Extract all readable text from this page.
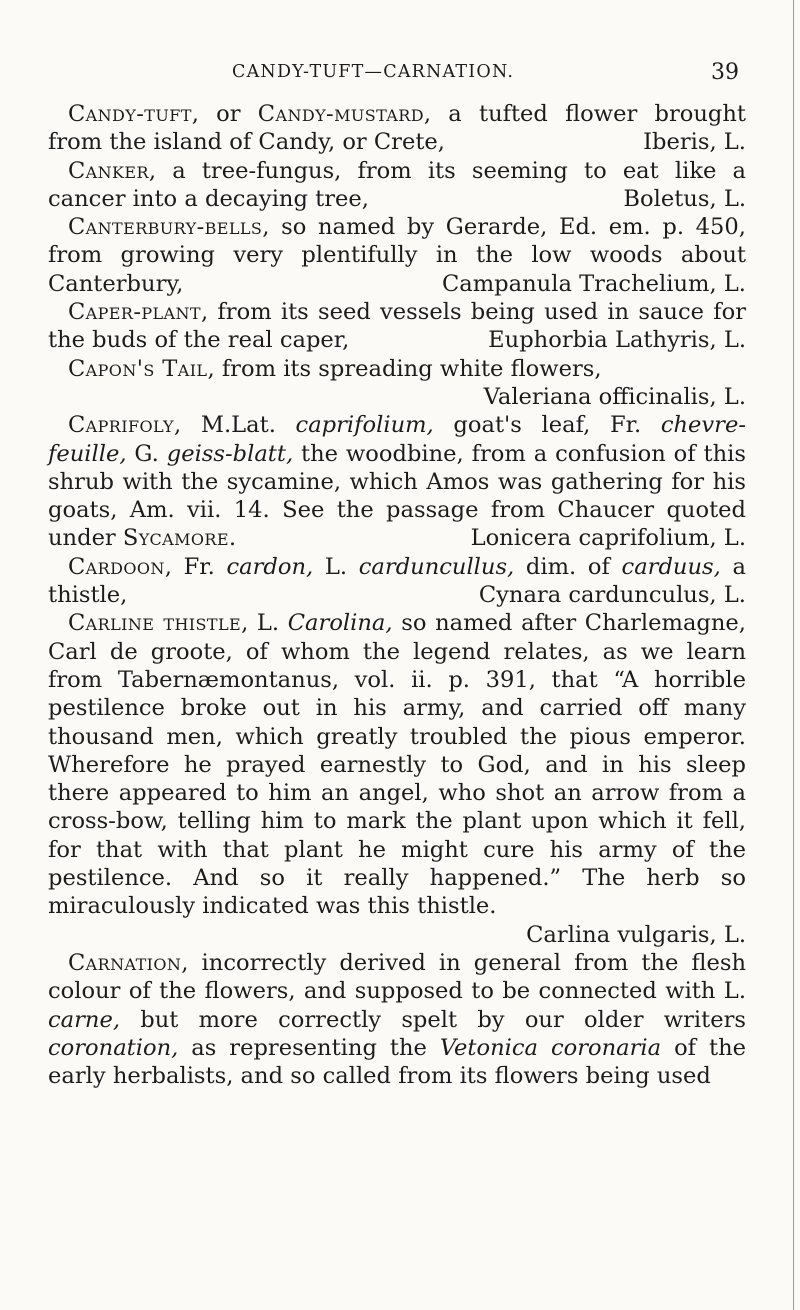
CANDY-TUFT—CARNATION.	39

Candy-tuft, or Candy-mustard, a tufted flower brought from the island of Candy, or Crete,	Iberis, L.

Canker, a tree-fungus, from its seeming to eat like a cancer into a decaying tree,	Boletus, L.

Canterbury-bells, so named by Gerarde, Ed. em. p. 450, from growing very plentifully in the low woods about Canterbury,	Campanula Trachelium, L.

Caper-plant, from its seed vessels being used in sauce for the buds of the real caper,	Euphorbia Lathyris, L.

Capon's Tail, from its spreading white flowers,
Valeriana officinalis, L.

Caprifoly, M.Lat. caprifolium, goat's leaf, Fr. chevre-feuille, G. geiss-blatt, the woodbine, from a confusion of this shrub with the sycamine, which Amos was gathering for his goats, Am. vii. 14. See the passage from Chaucer quoted under Sycamore.	Lonicera caprifolium, L.

Cardoon, Fr. cardon, L. carduncullus, dim. of carduus, a thistle,	Cynara cardunculus, L.

Carline thistle, L. Carolina, so named after Charlemagne, Carl de groote, of whom the legend relates, as we learn from Tabernæmontanus, vol. ii. p. 391, that “A horrible pestilence broke out in his army, and carried off many thousand men, which greatly troubled the pious emperor. Wherefore he prayed earnestly to God, and in his sleep there appeared to him an angel, who shot an arrow from a cross-bow, telling him to mark the plant upon which it fell, for that with that plant he might cure his army of the pestilence. And so it really happened.” The herb so miraculously indicated was this thistle.
Carlina vulgaris, L.

Carnation, incorrectly derived in general from the flesh colour of the flowers, and supposed to be connected with L. carne, but more correctly spelt by our older writers coronation, as representing the Vetonica coronaria of the early herbalists, and so called from its flowers being used
